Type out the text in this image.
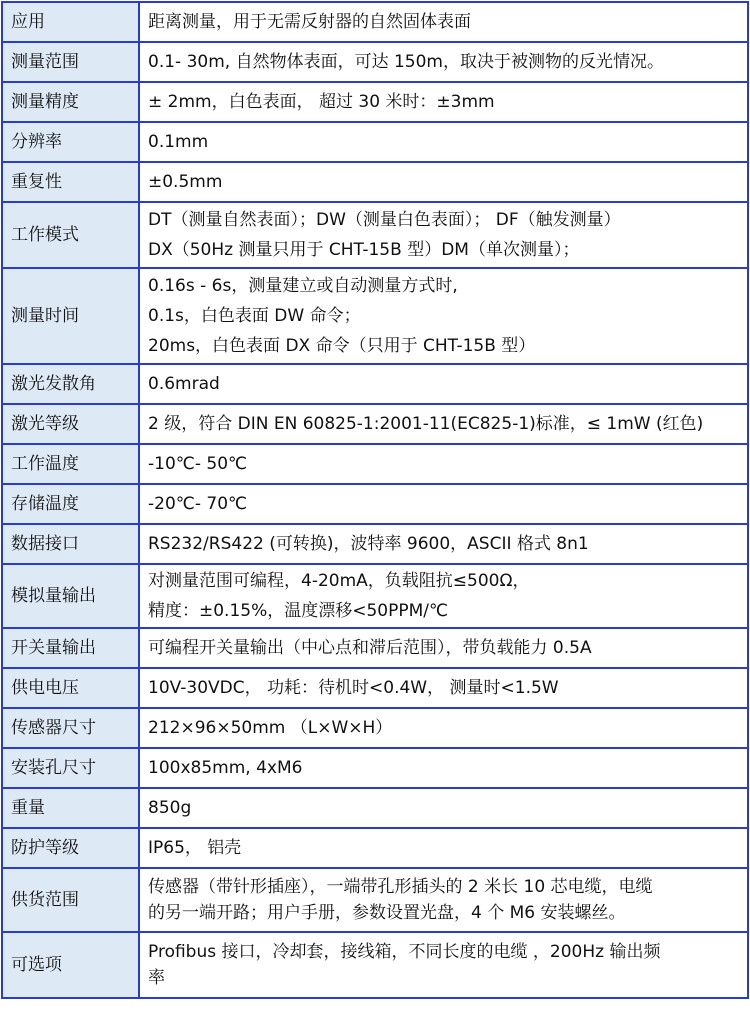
应用	距离测量，用于无需反射器的自然固体表面

测量范围	0.1- 30m, 自然物体表面，可达 150m，取决于被测物的反光情况。

测量精度	± 2mm，白色表面， 超过 30 米时：±3mm

分辨率	0.1mm

重复性	±0.5mm

工作模式	DT（测量自然表面）；DW（测量白色表面）； DF（触发测量）
DX（50Hz 测量只用于 CHT-15B 型）DM（单次测量）；

测量时间	0.16s - 6s，测量建立或自动测量方式时,
0.1s，白色表面 DW 命令；
20ms，白色表面 DX 命令（只用于 CHT-15B 型）

激光发散角	0.6mrad

激光等级	2 级，符合 DIN EN 60825-1:2001-11(EC825-1)标准，≤ 1mW (红色)

工作温度	-10℃- 50℃

存储温度	-20℃- 70℃

数据接口	RS232/RS422 (可转换)，波特率 9600，ASCII 格式 8n1

模拟量输出	对测量范围可编程，4-20mA，负载阻抗≤500Ω，
精度：±0.15%，温度漂移<50PPM/℃

开关量输出	可编程开关量输出（中心点和滞后范围），带负载能力 0.5A

供电电压	10V-30VDC， 功耗：待机时<0.4W， 测量时<1.5W

传感器尺寸	212×96×50mm （L×W×H）

安装孔尺寸	100x85mm, 4xM6

重量	850g

防护等级	IP65， 铝壳

供货范围	传感器（带针形插座），一端带孔形插头的 2 米长 10 芯电缆，电缆
的另一端开路；用户手册，参数设置光盘，4 个 M6 安装螺丝。

可选项	Profibus 接口，冷却套，接线箱，不同长度的电缆 ，200Hz 输出频
率
